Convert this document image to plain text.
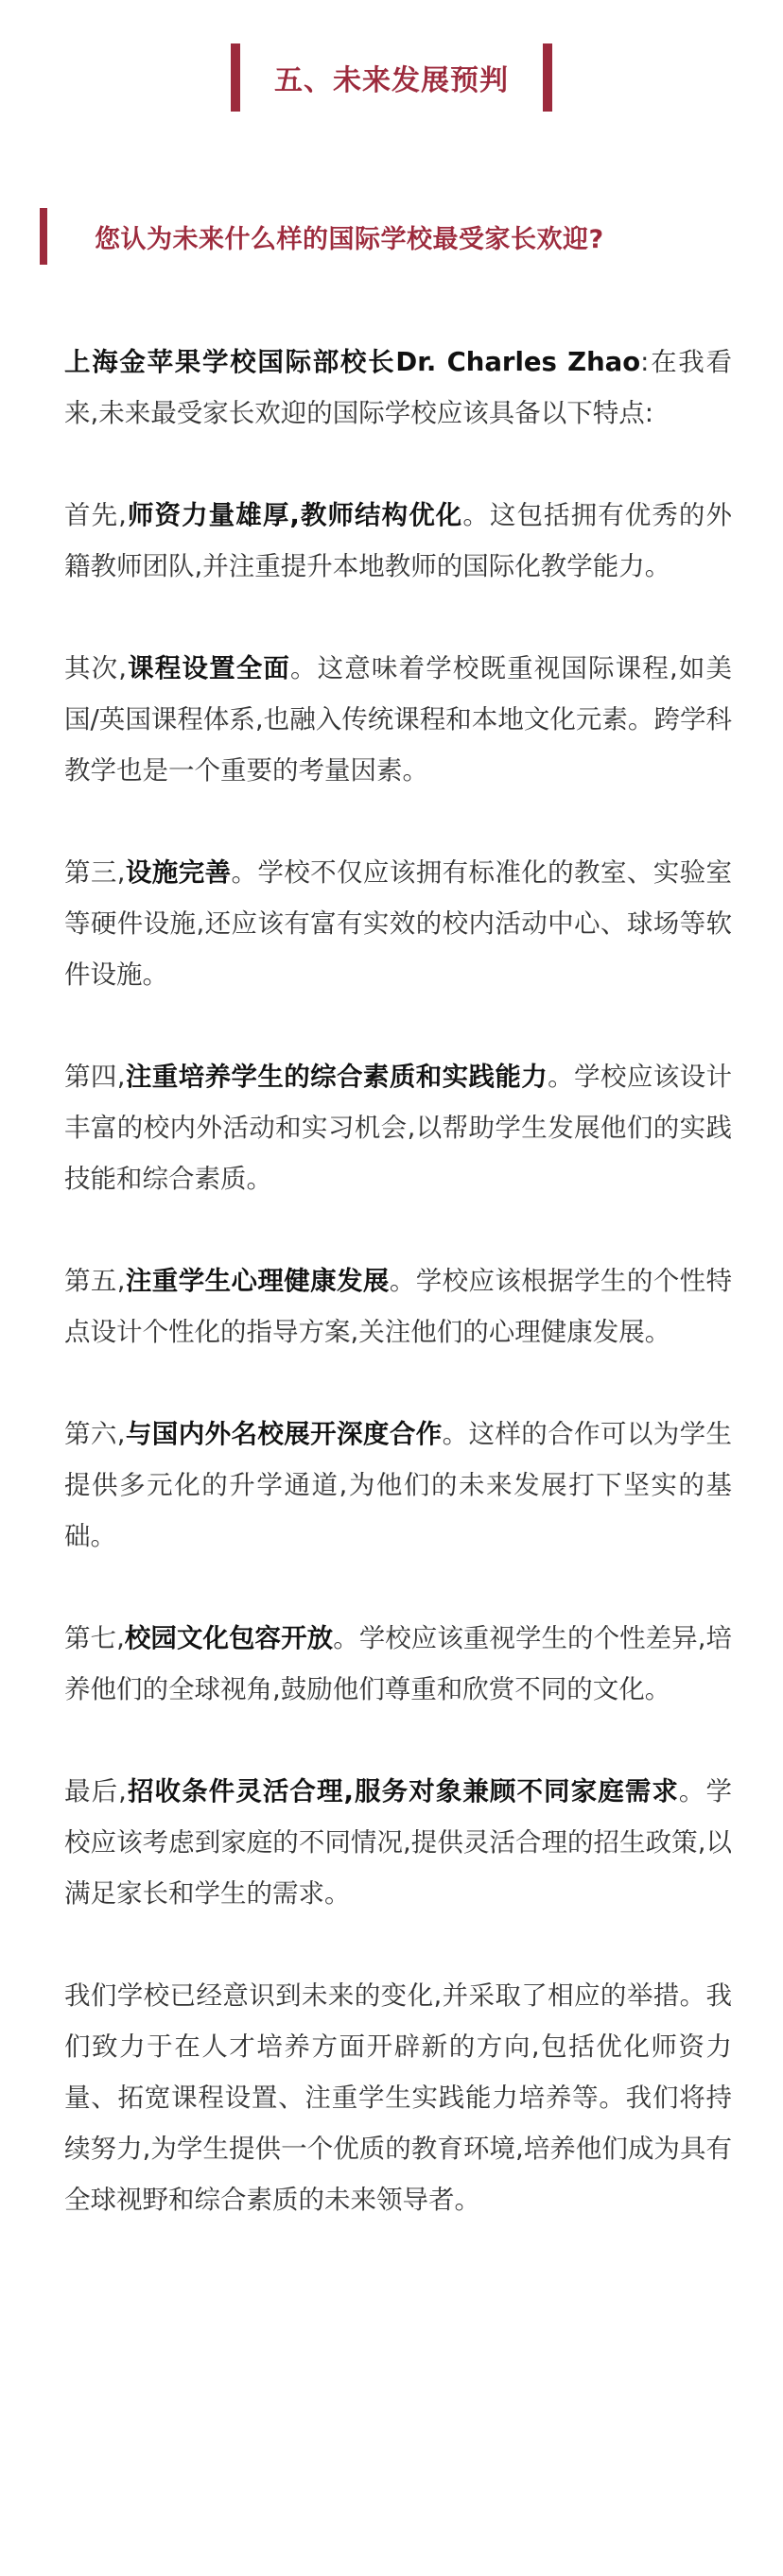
五、未来发展预判
您认为未来什么样的国际学校最受家长欢迎?

上海金苹果学校国际部校长Dr. Charles Zhao:在我看来,未来最受家长欢迎的国际学校应该具备以下特点:

首先,师资力量雄厚,教师结构优化。这包括拥有优秀的外籍教师团队,并注重提升本地教师的国际化教学能力。

其次,课程设置全面。这意味着学校既重视国际课程,如美国/英国课程体系,也融入传统课程和本地文化元素。跨学科教学也是一个重要的考量因素。

第三,设施完善。学校不仅应该拥有标准化的教室、实验室等硬件设施,还应该有富有实效的校内活动中心、球场等软件设施。

第四,注重培养学生的综合素质和实践能力。学校应该设计丰富的校内外活动和实习机会,以帮助学生发展他们的实践技能和综合素质。

第五,注重学生心理健康发展。学校应该根据学生的个性特点设计个性化的指导方案,关注他们的心理健康发展。

第六,与国内外名校展开深度合作。这样的合作可以为学生提供多元化的升学通道,为他们的未来发展打下坚实的基础。

第七,校园文化包容开放。学校应该重视学生的个性差异,培养他们的全球视角,鼓励他们尊重和欣赏不同的文化。

最后,招收条件灵活合理,服务对象兼顾不同家庭需求。学校应该考虑到家庭的不同情况,提供灵活合理的招生政策,以满足家长和学生的需求。

我们学校已经意识到未来的变化,并采取了相应的举措。我们致力于在人才培养方面开辟新的方向,包括优化师资力量、拓宽课程设置、注重学生实践能力培养等。我们将持续努力,为学生提供一个优质的教育环境,培养他们成为具有全球视野和综合素质的未来领导者。
